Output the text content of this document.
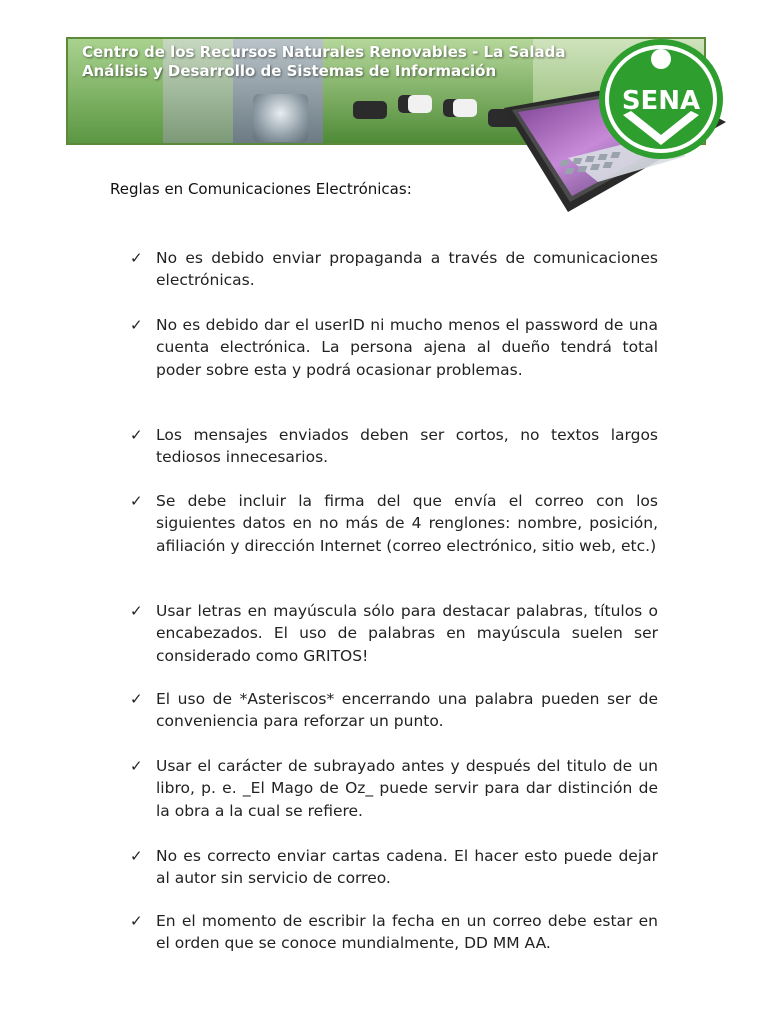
Centro de los Recursos Naturales Renovables - La Salada
Análisis y Desarrollo de Sistemas de Información

SENA

Reglas en Comunicaciones Electrónicas:

✓ No es debido enviar propaganda a través de comunicaciones electrónicas.
✓ No es debido dar el userID ni mucho menos el password de una cuenta electrónica. La persona ajena al dueño tendrá total poder sobre esta y podrá ocasionar problemas.
✓ Los mensajes enviados deben ser cortos, no textos largos tediosos innecesarios.
✓ Se debe incluir la firma del que envía el correo con los siguientes datos en no más de 4 renglones: nombre, posición, afiliación y dirección Internet (correo electrónico, sitio web, etc.)
✓ Usar letras en mayúscula sólo para destacar palabras, títulos o encabezados. El uso de palabras en mayúscula suelen ser considerado como GRITOS!
✓ El uso de *Asteriscos* encerrando una palabra pueden ser de conveniencia para reforzar un punto.
✓ Usar el carácter de subrayado antes y después del titulo de un libro, p. e. _El Mago de Oz_ puede servir para dar distinción de la obra a la cual se refiere.
✓ No es correcto enviar cartas cadena. El hacer esto puede dejar al autor sin servicio de correo.
✓ En el momento de escribir la fecha en un correo debe estar en el orden que se conoce mundialmente, DD MM AA.
